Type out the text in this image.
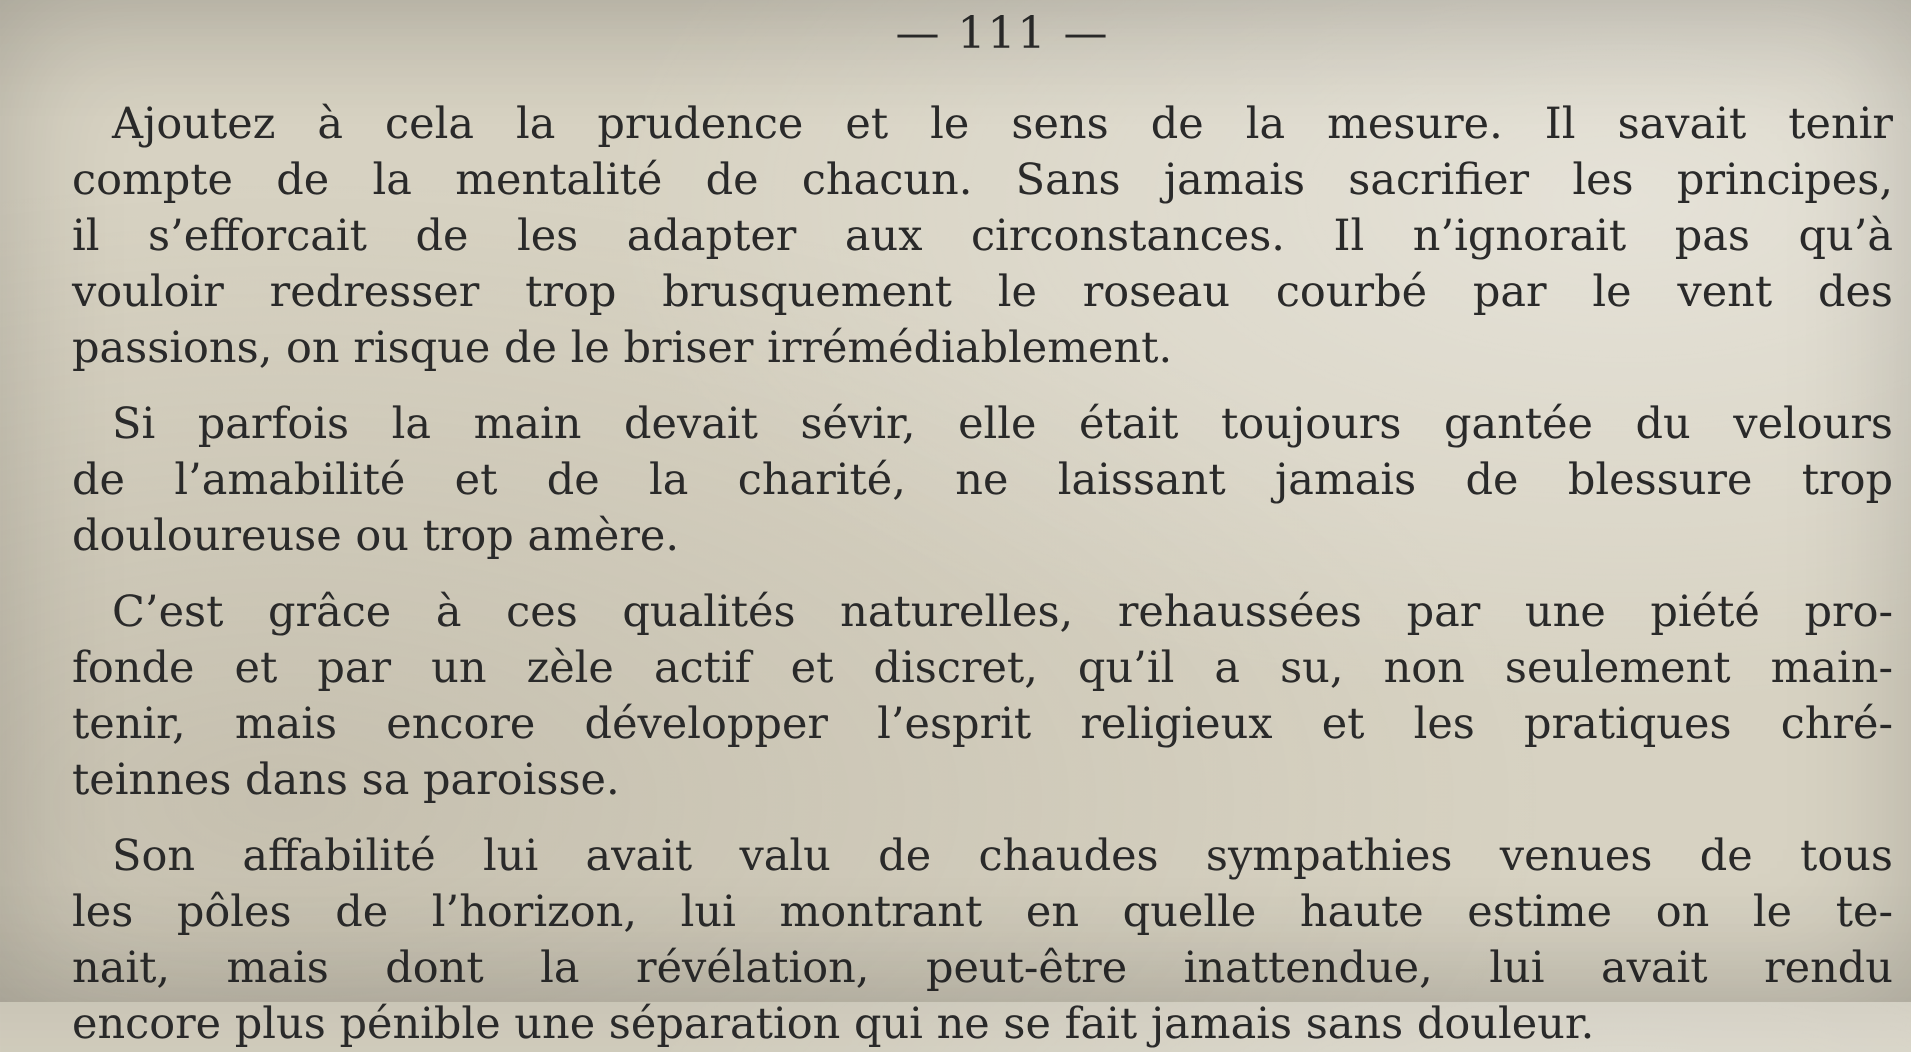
— 111 —
Ajoutez à cela la prudence et le sens de la mesure. Il savait tenir
compte de la mentalité de chacun. Sans jamais sacrifier les principes,
il s’efforcait de les adapter aux circonstances. Il n’ignorait pas qu’à
vouloir redresser trop brusquement le roseau courbé par le vent des
passions, on risque de le briser irrémédiablement.
Si parfois la main devait sévir, elle était toujours gantée du velours
de l’amabilité et de la charité, ne laissant jamais de blessure trop
douloureuse ou trop amère.
C’est grâce à ces qualités naturelles, rehaussées par une piété pro-
fonde et par un zèle actif et discret, qu’il a su, non seulement main-
tenir, mais encore développer l’esprit religieux et les pratiques chré-
teinnes dans sa paroisse.
Son affabilité lui avait valu de chaudes sympathies venues de tous
les pôles de l’horizon, lui montrant en quelle haute estime on le te-
nait, mais dont la révélation, peut-être inattendue, lui avait rendu
encore plus pénible une séparation qui ne se fait jamais sans douleur.
